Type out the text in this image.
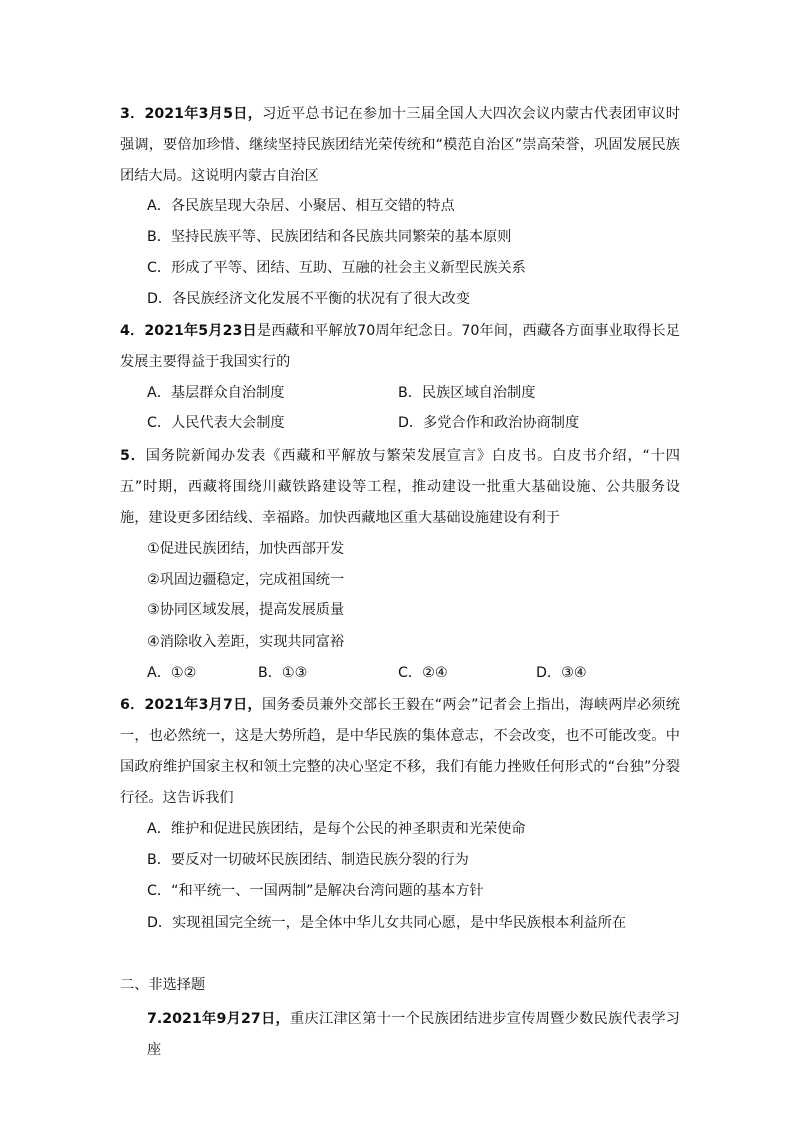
3．2021年3月5日，习近平总书记在参加十三届全国人大四次会议内蒙古代表团审议时强调，要倍加珍惜、继续坚持民族团结光荣传统和“模范自治区”崇高荣誉，巩固发展民族团结大局。这说明内蒙古自治区

A．各民族呈现大杂居、小聚居、相互交错的特点
B．坚持民族平等、民族团结和各民族共同繁荣的基本原则
C．形成了平等、团结、互助、互融的社会主义新型民族关系
D．各民族经济文化发展不平衡的状况有了很大改变

4．2021年5月23日是西藏和平解放70周年纪念日。70年间，西藏各方面事业取得长足发展主要得益于我国实行的

A．基层群众自治制度	B．民族区域自治制度
C．人民代表大会制度	D．多党合作和政治协商制度

5．国务院新闻办发表《西藏和平解放与繁荣发展宣言》白皮书。白皮书介绍，“十四五”时期，西藏将围绕川藏铁路建设等工程，推动建设一批重大基础设施、公共服务设施，建设更多团结线、幸福路。加快西藏地区重大基础设施建设有利于

①促进民族团结，加快西部开发
②巩固边疆稳定，完成祖国统一
③协同区域发展，提高发展质量
④消除收入差距，实现共同富裕
A．①②	B．①③	C．②④	D．③④

6．2021年3月7日，国务委员兼外交部长王毅在“两会”记者会上指出，海峡两岸必须统一，也必然统一，这是大势所趋，是中华民族的集体意志，不会改变，也不可能改变。中国政府维护国家主权和领土完整的决心坚定不移，我们有能力挫败任何形式的“台独”分裂行径。这告诉我们

A．维护和促进民族团结，是每个公民的神圣职责和光荣使命
B．要反对一切破坏民族团结、制造民族分裂的行为
C．“和平统一、一国两制”是解决台湾问题的基本方针
D．实现祖国完全统一，是全体中华儿女共同心愿，是中华民族根本利益所在
二、非选择题

7.2021年9月27日，重庆江津区第十一个民族团结进步宣传周暨少数民族代表学习座
